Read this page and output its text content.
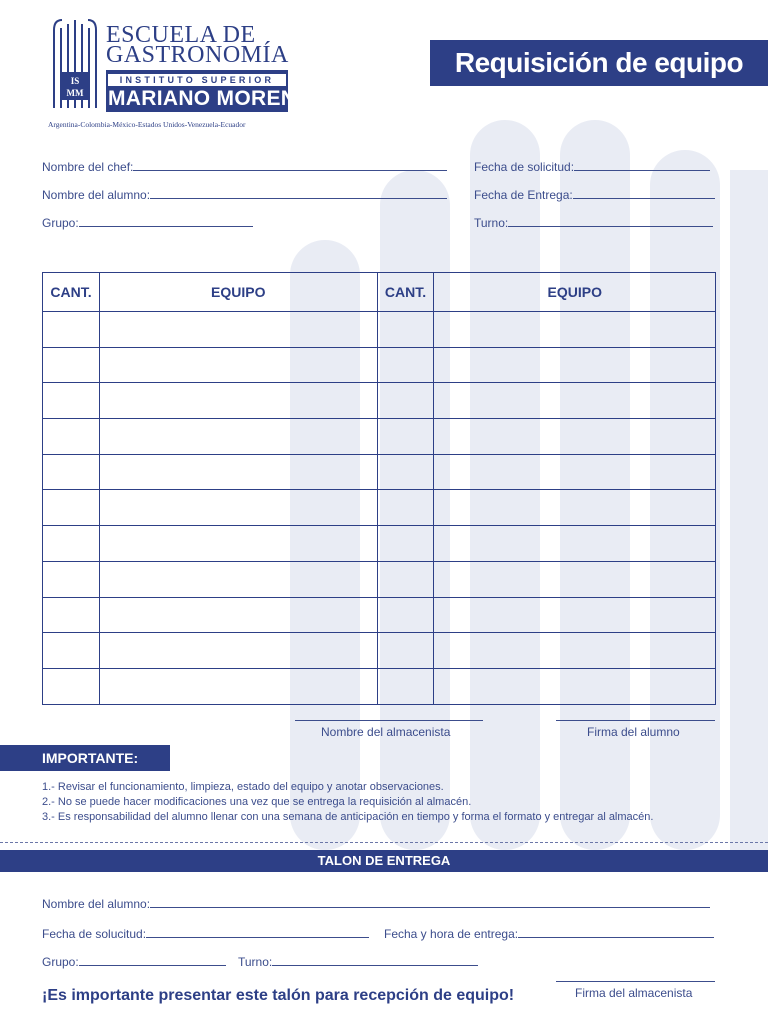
IS
MM
ESCUELA DE
GASTRONOMÍA
INSTITUTO SUPERIOR
MARIANO MORENO
Argentina-Colombia-México-Estados Unidos-Venezuela-Ecuador
Requisición de equipo
Nombre del chef:
Nombre del alumno:
Grupo:
Fecha de solicitud:
Fecha de Entrega:
Turno:
CANT.	EQUIPO	CANT.	EQUIPO

Nombre del almacenista	Firma del alumno
IMPORTANTE:
1.- Revisar el funcionamiento, limpieza, estado del equipo y anotar observaciones.
2.- No se puede hacer modificaciones una vez que se entrega la requisición al almacén.
3.- Es responsabilidad del alumno llenar con una semana de anticipación en tiempo y forma el formato y entregar al almacén.
TALON DE ENTREGA
Nombre del alumno:
Fecha de solucitud:	Fecha y hora de entrega:
Grupo:	Turno:
Firma del almacenista
¡Es importante presentar este talón para recepción de equipo!
